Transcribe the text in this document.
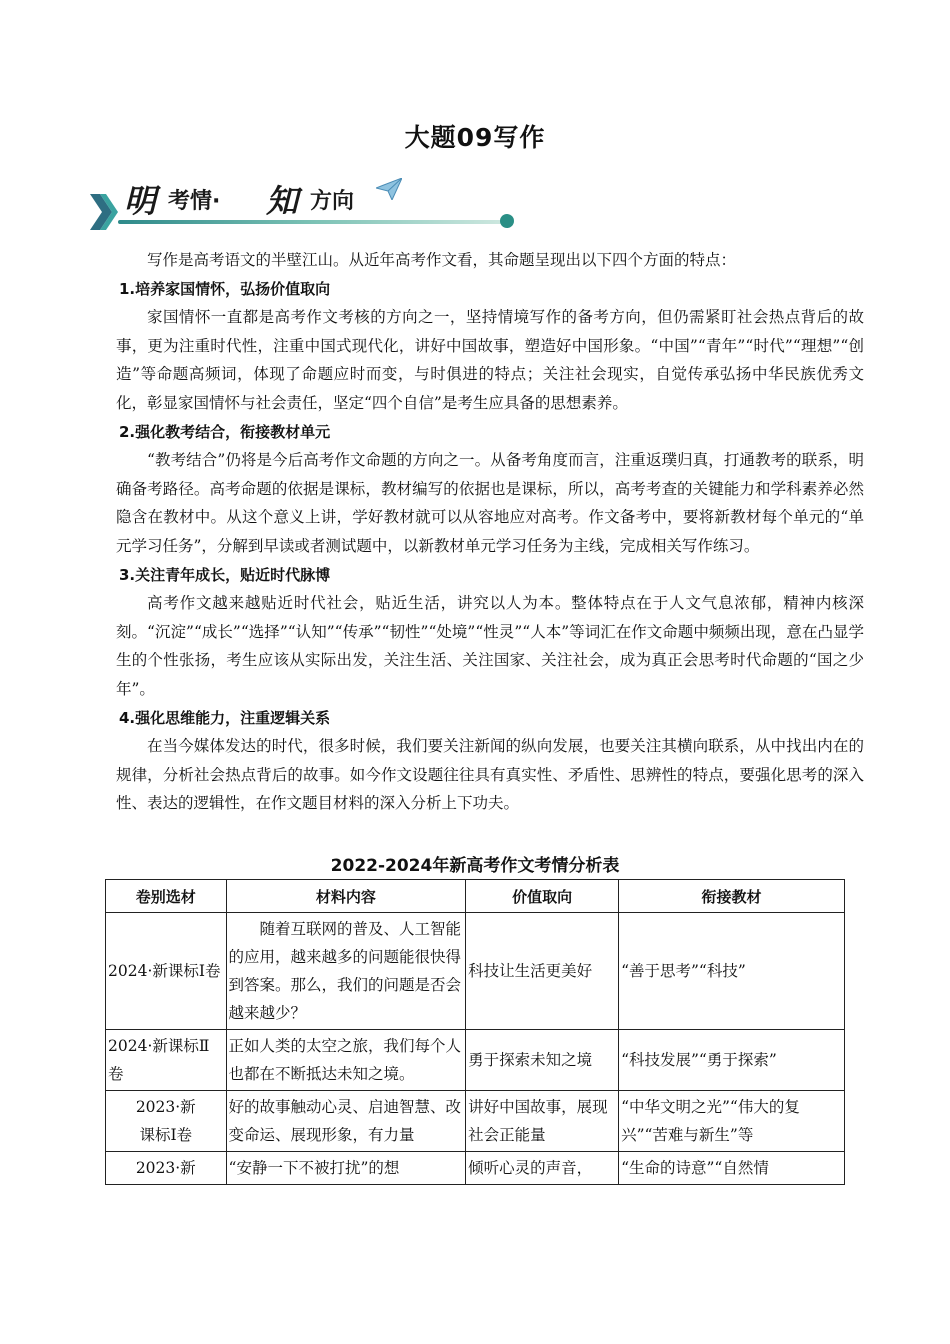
大题09写作
明 考情· 知 方向

写作是高考语文的半壁江山。从近年高考作文看，其命题呈现出以下四个方面的特点：

1.培养家国情怀，弘扬价值取向

家国情怀一直都是高考作文考核的方向之一，坚持情境写作的备考方向，但仍需紧盯社会热点背后的故事，更为注重时代性，注重中国式现代化，讲好中国故事，塑造好中国形象。“中国”“青年”“时代”“理想”“创造”等命题高频词，体现了命题应时而变，与时俱进的特点；关注社会现实，自觉传承弘扬中华民族优秀文化，彰显家国情怀与社会责任，坚定“四个自信”是考生应具备的思想素养。

2.强化教考结合，衔接教材单元

“教考结合”仍将是今后高考作文命题的方向之一。从备考角度而言，注重返璞归真，打通教考的联系，明确备考路径。高考命题的依据是课标，教材编写的依据也是课标，所以，高考考查的关键能力和学科素养必然隐含在教材中。从这个意义上讲，学好教材就可以从容地应对高考。作文备考中，要将新教材每个单元的“单元学习任务”，分解到早读或者测试题中，以新教材单元学习任务为主线，完成相关写作练习。

3.关注青年成长，贴近时代脉博

高考作文越来越贴近时代社会，贴近生活，讲究以人为本。整体特点在于人文气息浓郁，精神内核深刻。“沉淀”“成长”“选择”“认知”“传承”“韧性”“处境”“性灵”“人本”等词汇在作文命题中频频出现，意在凸显学生的个性张扬，考生应该从实际出发，关注生活、关注国家、关注社会，成为真正会思考时代命题的“国之少年”。

4.强化思维能力，注重逻辑关系

在当今媒体发达的时代，很多时候，我们要关注新闻的纵向发展，也要关注其横向联系，从中找出内在的规律，分析社会热点背后的故事。如今作文设题往往具有真实性、矛盾性、思辨性的特点，要强化思考的深入性、表达的逻辑性，在作文题目材料的深入分析上下功夫。

2022-2024年新高考作文考情分析表
卷别选材	材料内容	价值取向	衔接教材
2024·新课标Ⅰ卷	随着互联网的普及、人工智能的应用，越来越多的问题能很快得到答案。那么，我们的问题是否会越来越少？	科技让生活更美好	“善于思考”“科技”
2024·新课标Ⅱ卷	正如人类的太空之旅，我们每个人也都在不断抵达未知之境。	勇于探索未知之境	“科技发展”“勇于探索”
2023·新课标Ⅰ卷	好的故事触动心灵、启迪智慧、改变命运、展现形象，有力量	讲好中国故事，展现社会正能量	“中华文明之光”“伟大的复兴”“苦难与新生”等
2023·新	“安静一下不被打扰”的想	倾听心灵的声音，	“生命的诗意”“自然情
